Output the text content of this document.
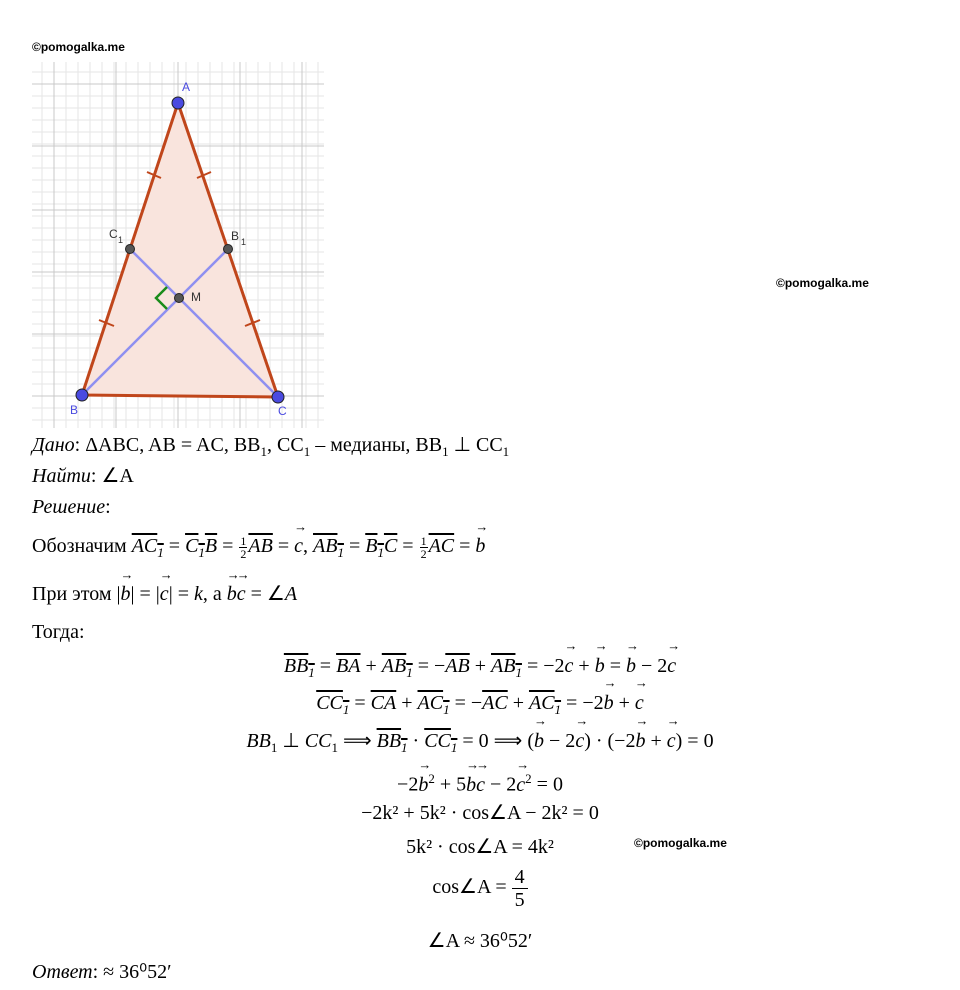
©pomogalka.me
©pomogalka.me
©pomogalka.me
A
B	C
C 1	B 1
M
Дано: ΔABC, AB = AC, $BB_1$, $CC_1$ – медианы, $BB_1$ ⊥ $CC_1$
Найти: ∠A
Решение:
Обозначим $AC_1 = C_1B = \frac{1}{2} \overline{AB}$ = → c, $AB_1 = B_1C = \frac{1}{2} \overline{AC}$ = → b
При этом |→ b| = |→ c| = k, а → b→ c = ∠A
Тогда:
$BB_1 = \overline{BA} + AB_1 = -\overline{AB} + AB_1 = -2\to c$ + → b = → b − 2→ c
$CC_1 = \overline{CA} + AC_1 = -\overline{AC} + AC_1 = -2\to b$ + → c
$BB_1$ ⊥ $CC_1$ ⟹ $BB_1 \cdot CC_1 = 0$ ⟹ (→ b − 2→ c) · (−2→ b + → c) = 0
$-2\to b^2 + 5\to b\to c - 2\to c^2 = 0$
−2k² + 5k² · cos∠A − 2k² = 0
5k² · cos∠A = 4k²
cos∠A = $\frac{4}{5}$
∠A ≈ 36⁰52′
Ответ: ≈ 36⁰52′
